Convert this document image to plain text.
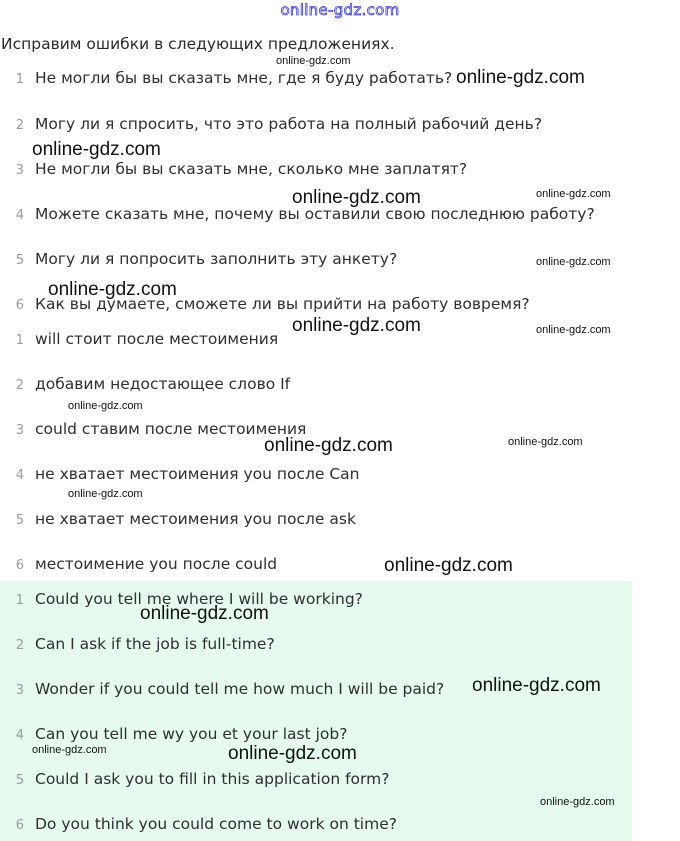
online-gdz.com
Исправим ошибки в следующих предложениях.
1 Не могли бы вы сказать мне, где я буду работать?
2 Могу ли я спросить, что это работа на полный рабочий день?
3 Не могли бы вы сказать мне, сколько мне заплатят?
4 Можете сказать мне, почему вы оставили свою последнюю работу?
5 Могу ли я попросить заполнить эту анкету?
6 Как вы думаете, сможете ли вы прийти на работу вовремя?
1 will стоит после местоимения
2 добавим недостающее слово If
3 could ставим после местоимения
4 не хватает местоимения you после Can
5 не хватает местоимения you после ask
6 местоимение you после could
1 Could you tell me where I will be working?
2 Can I ask if the job is full-time?
3 Wonder if you could tell me how much I will be paid?
4 Can you tell me wy you et your last job?
5 Could I ask you to fill in this application form?
6 Do you think you could come to work on time?
online-gdz.com
online-gdz.com
online-gdz.com
online-gdz.com	online-gdz.com
online-gdz.com
online-gdz.com
online-gdz.com	online-gdz.com
online-gdz.com
online-gdz.com
online-gdz.com
online-gdz.com
online-gdz.com
online-gdz.com
online-gdz.com
online-gdz.com	online-gdz.com
online-gdz.com
